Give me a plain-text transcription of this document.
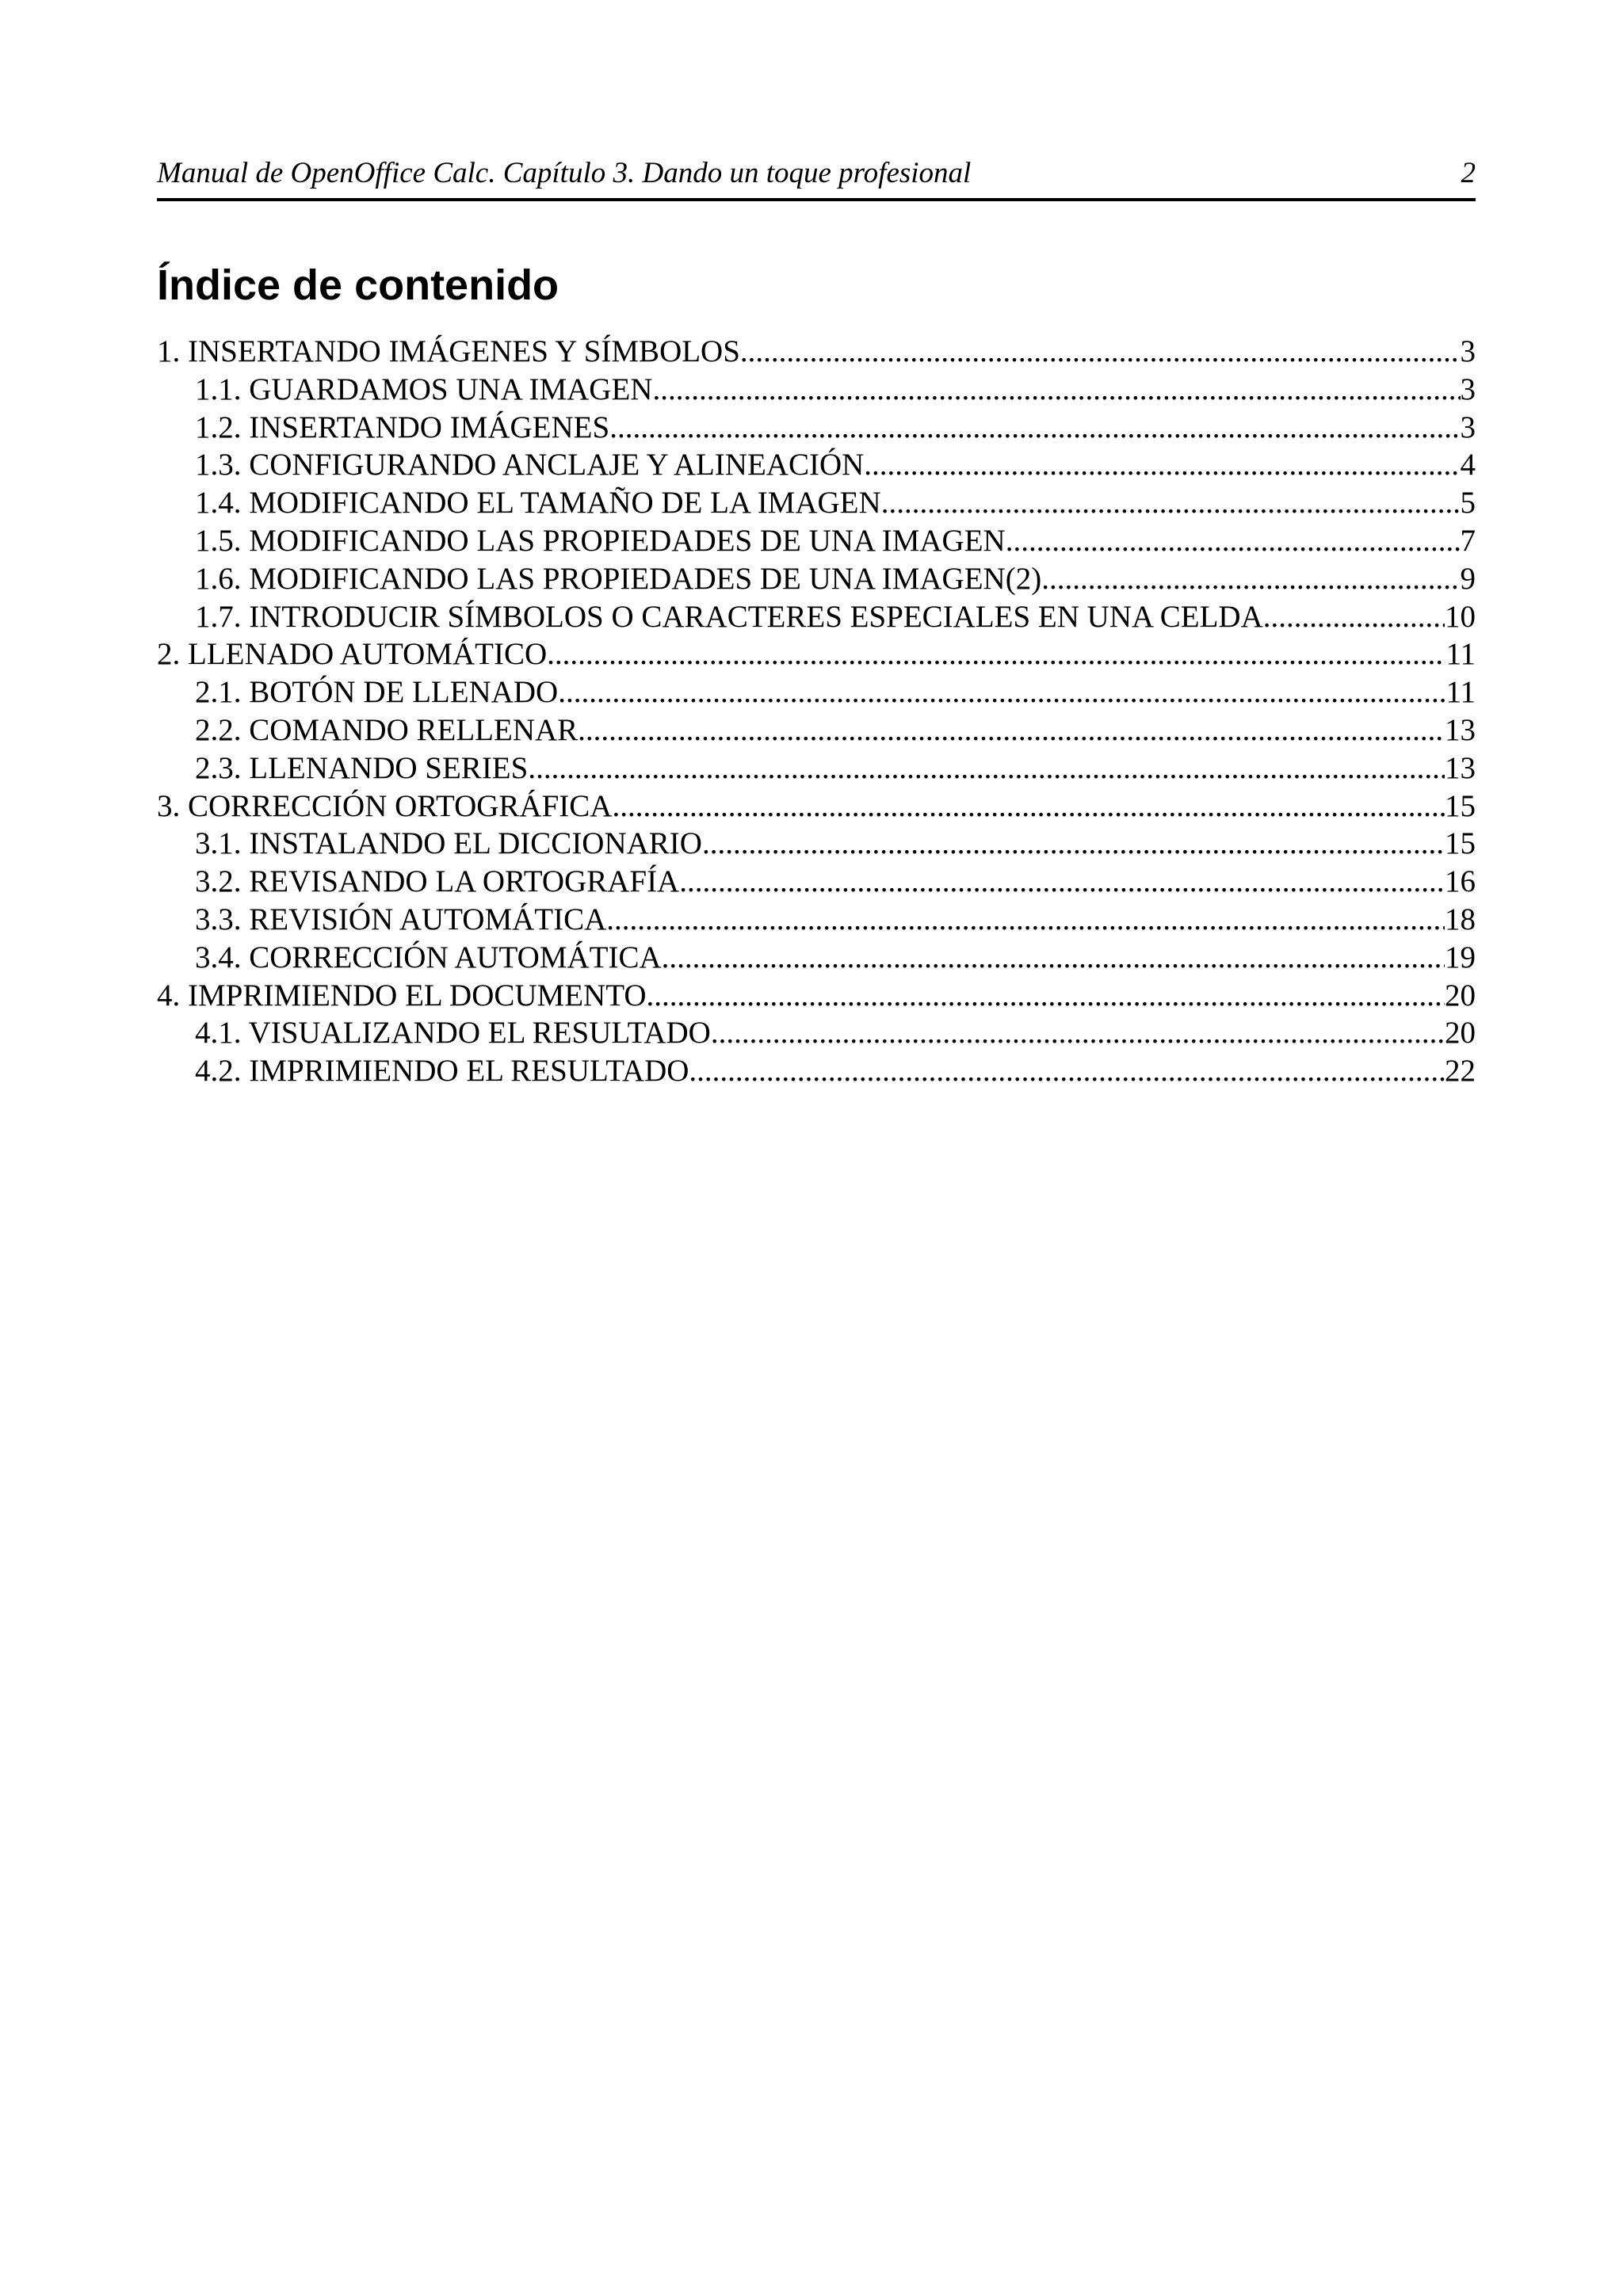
Manual de OpenOffice Calc. Capítulo 3. Dando un toque profesional	2
Índice de contenido
1. INSERTANDO IMÁGENES Y SÍMBOLOS .....	3
1.1. GUARDAMOS UNA IMAGEN .....	3
1.2. INSERTANDO IMÁGENES .....	3
1.3. CONFIGURANDO ANCLAJE Y ALINEACIÓN .....	4
1.4. MODIFICANDO EL TAMAÑO DE LA IMAGEN .....	5
1.5. MODIFICANDO LAS PROPIEDADES DE UNA IMAGEN .....	7
1.6. MODIFICANDO LAS PROPIEDADES DE UNA IMAGEN(2) .....	9
1.7. INTRODUCIR SÍMBOLOS O CARACTERES ESPECIALES EN UNA CELDA .....	10
2. LLENADO AUTOMÁTICO .....	11
2.1. BOTÓN DE LLENADO .....	11
2.2. COMANDO RELLENAR .....	13
2.3. LLENANDO SERIES .....	13
3. CORRECCIÓN ORTOGRÁFICA .....	15
3.1. INSTALANDO EL DICCIONARIO .....	15
3.2. REVISANDO LA ORTOGRAFÍA .....	16
3.3. REVISIÓN AUTOMÁTICA .....	18
3.4. CORRECCIÓN AUTOMÁTICA .....	19
4. IMPRIMIENDO EL DOCUMENTO .....	20
4.1. VISUALIZANDO EL RESULTADO .....	20
4.2. IMPRIMIENDO EL RESULTADO .....	22
